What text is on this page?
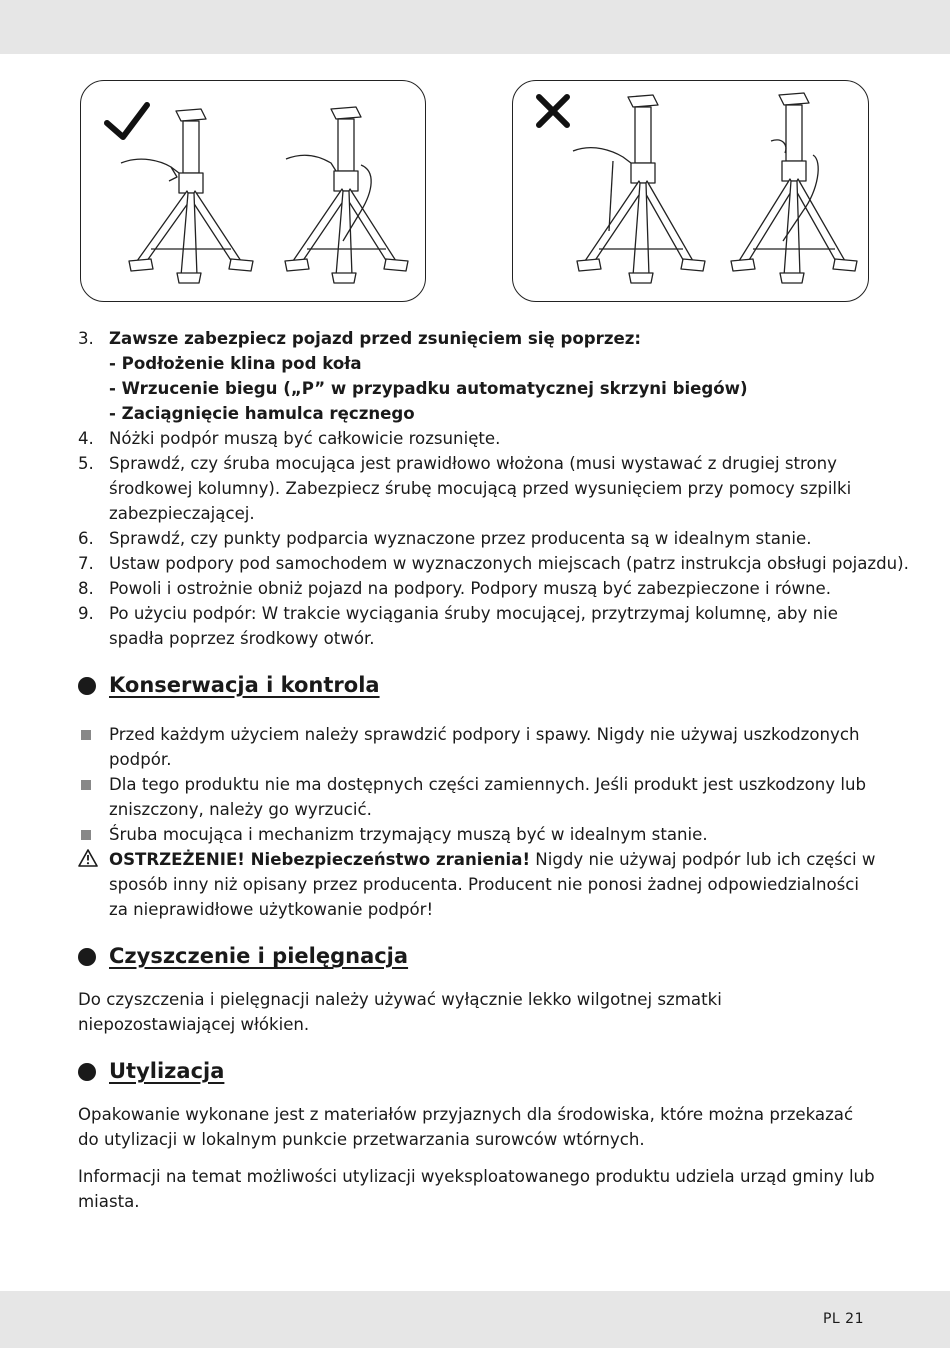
3. Zawsze zabezpiecz pojazd przed zsunięciem się poprzez:
- Podłożenie klina pod koła
- Wrzucenie biegu („P” w przypadku automatycznej skrzyni biegów)
- Zaciągnięcie hamulca ręcznego
4. Nóżki podpór muszą być całkowicie rozsunięte.
5. Sprawdź, czy śruba mocująca jest prawidłowo włożona (musi wystawać z drugiej strony środkowej kolumny). Zabezpiecz śrubę mocującą przed wysunięciem przy pomocy szpilki zabezpieczającej.
6. Sprawdź, czy punkty podparcia wyznaczone przez producenta są w idealnym stanie.
7. Ustaw podpory pod samochodem w wyznaczonych miejscach (patrz instrukcja obsługi pojazdu).
8. Powoli i ostrożnie obniż pojazd na podpory. Podpory muszą być zabezpieczone i równe.
9. Po użyciu podpór: W trakcie wyciągania śruby mocującej, przytrzymaj kolumnę, aby nie spadła poprzez środkowy otwór.
Konserwacja i kontrola
Przed każdym użyciem należy sprawdzić podpory i spawy. Nigdy nie używaj uszkodzonych podpór.
Dla tego produktu nie ma dostępnych części zamiennych. Jeśli produkt jest uszkodzony lub zniszczony, należy go wyrzucić.
Śruba mocująca i mechanizm trzymający muszą być w idealnym stanie.
OSTRZEŻENIE! Niebezpieczeństwo zranienia! Nigdy nie używaj podpór lub ich części w sposób inny niż opisany przez producenta. Producent nie ponosi żadnej odpowiedzialności za nieprawidłowe użytkowanie podpór!
Czyszczenie i pielęgnacja

Do czyszczenia i pielęgnacji należy używać wyłącznie lekko wilgotnej szmatki niepozostawiającej włókien.

Utylizacja

Opakowanie wykonane jest z materiałów przyjaznych dla środowiska, które można przekazać do utylizacji w lokalnym punkcie przetwarzania surowców wtórnych.

Informacji na temat możliwości utylizacji wyeksploatowanego produktu udziela urząd gminy lub miasta.

PL 21
